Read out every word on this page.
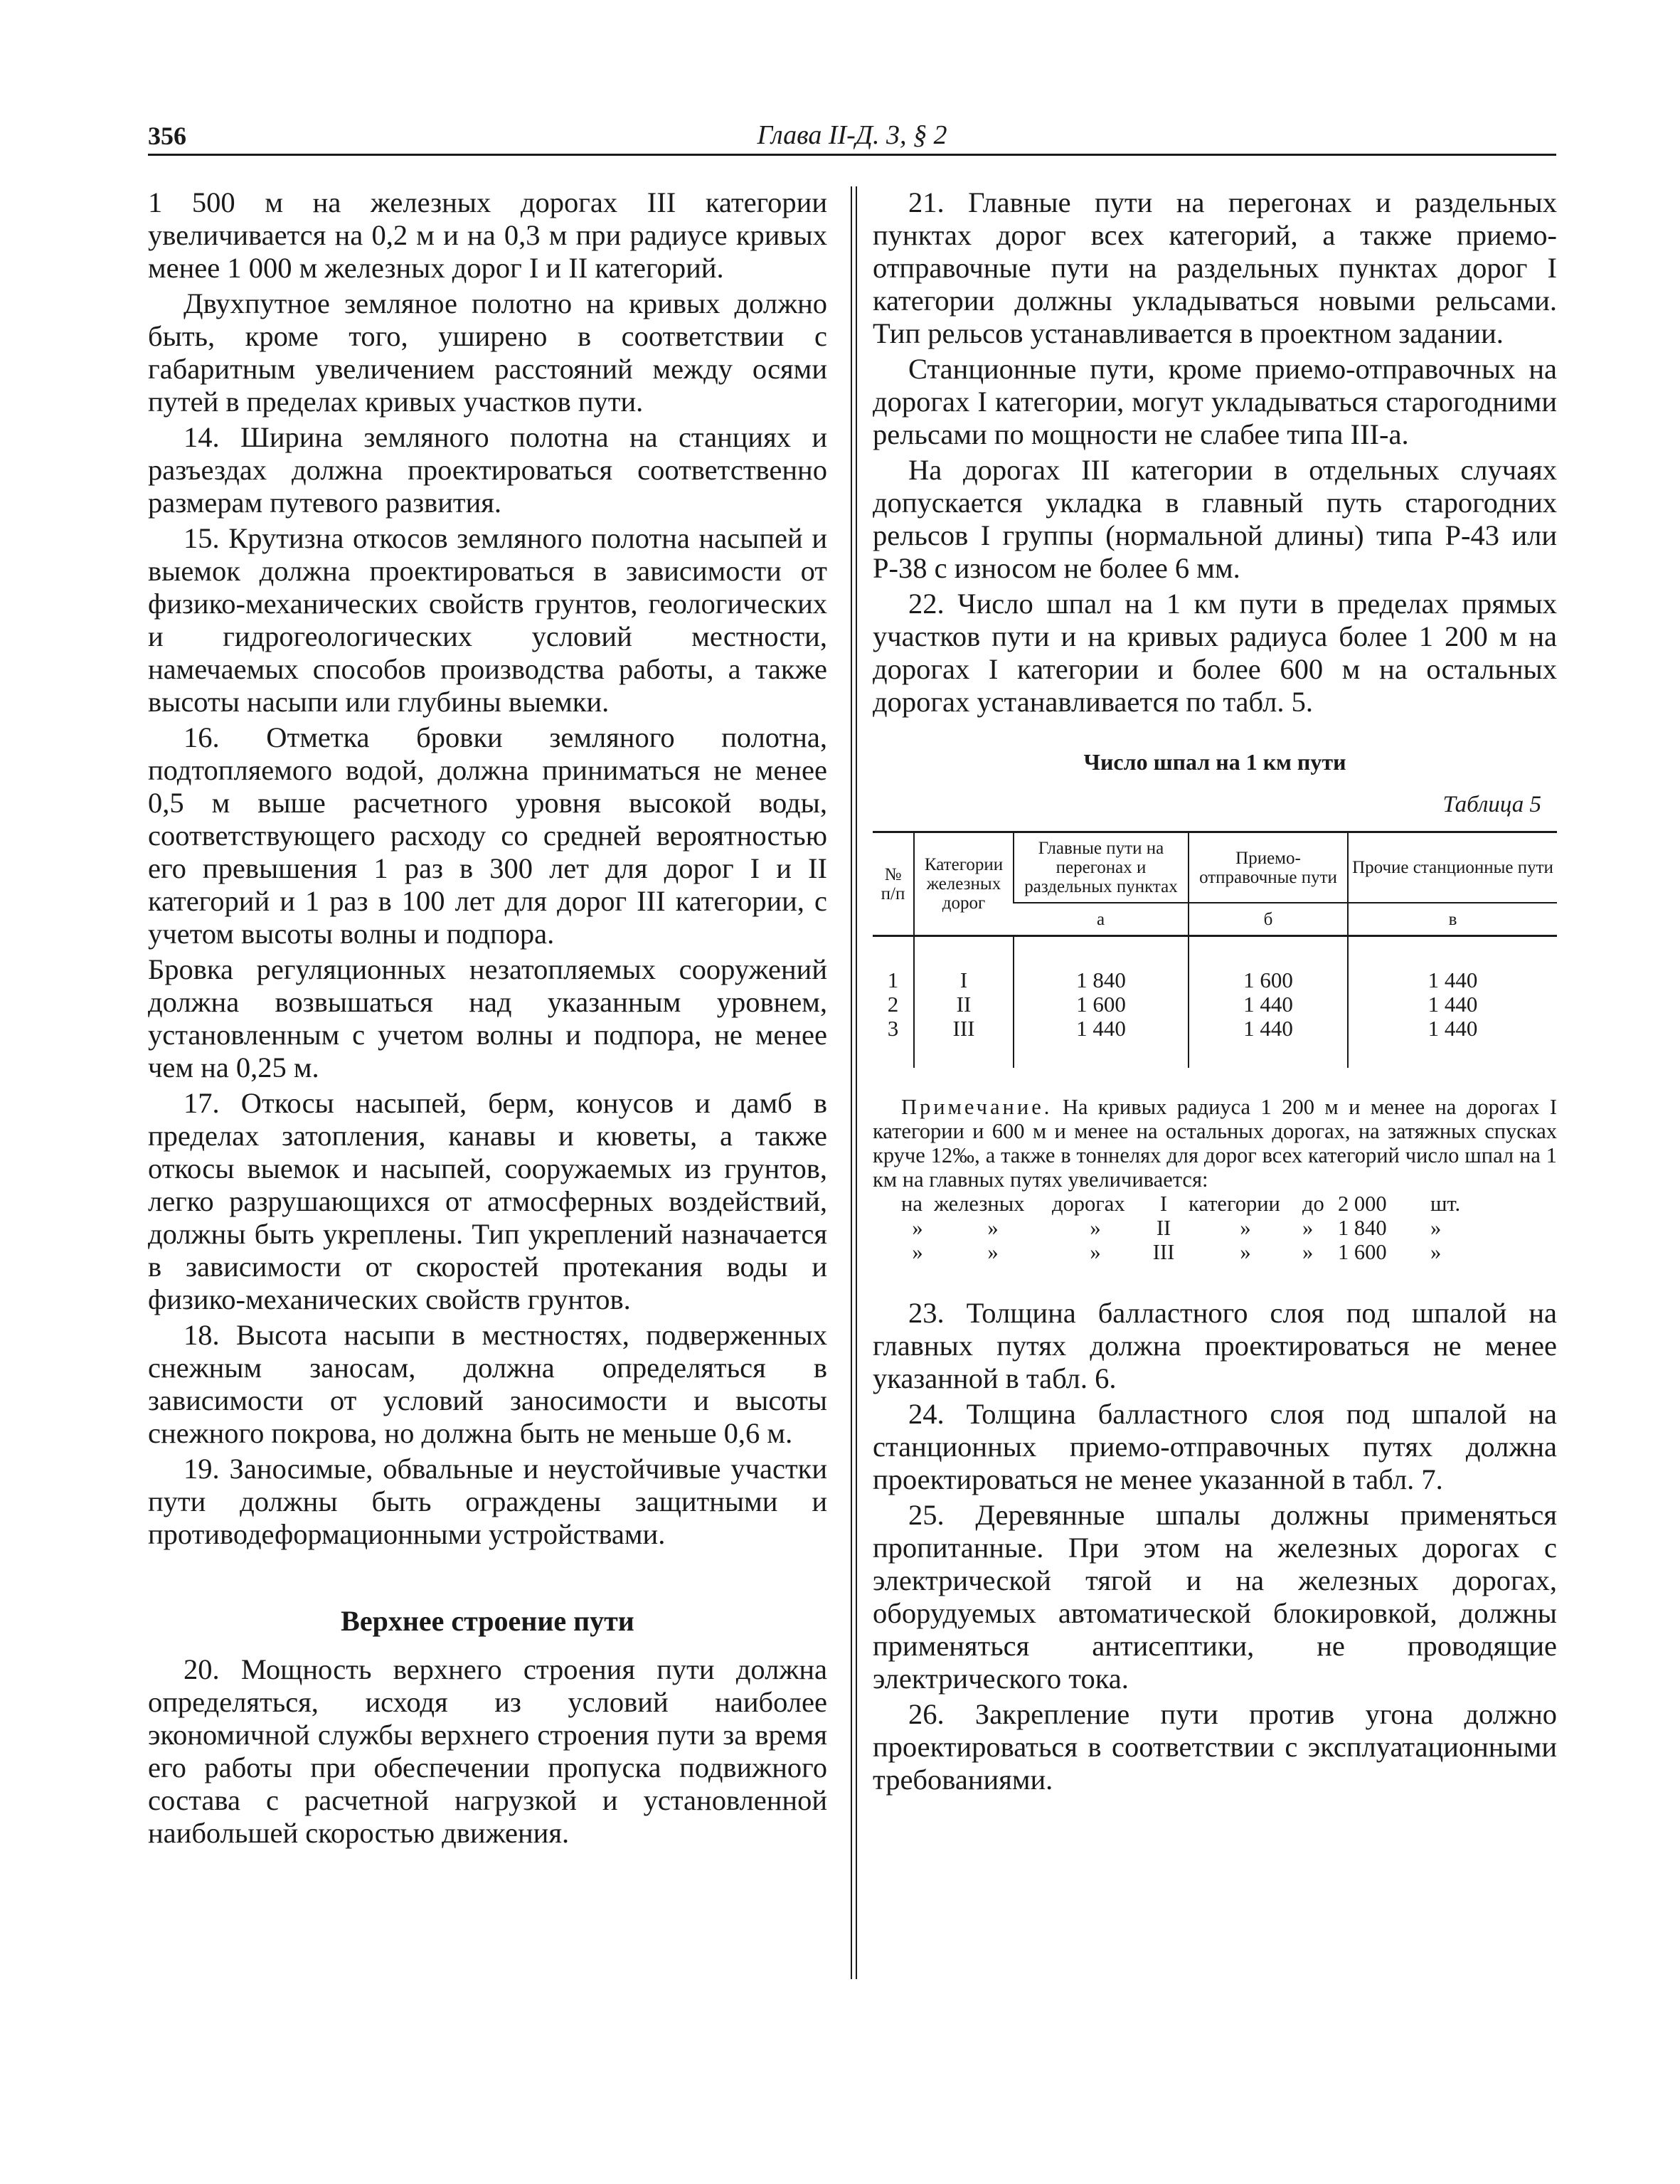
356	Глава II-Д. 3, § 2

1 500 м на железных дорогах III категории увеличивается на 0,2 м и на 0,3 м при радиусе кривых менее 1 000 м железных дорог I и II категорий.

Двухпутное земляное полотно на кривых должно быть, кроме того, уширено в соответствии с габаритным увеличением расстояний между осями путей в пределах кривых участков пути.

14. Ширина земляного полотна на станциях и разъездах должна проектироваться соответственно размерам путевого развития.

15. Крутизна откосов земляного полотна насыпей и выемок должна проектироваться в зависимости от физико-механических свойств грунтов, геологических и гидрогеологических условий местности, намечаемых способов производства работы, а также высоты насыпи или глубины выемки.

16. Отметка бровки земляного полотна, подтопляемого водой, должна приниматься не менее 0,5 м выше расчетного уровня высокой воды, соответствующего расходу со средней вероятностью его превышения 1 раз в 300 лет для дорог I и II категорий и 1 раз в 100 лет для дорог III категории, с учетом высоты волны и подпора.

Бровка регуляционных незатопляемых сооружений должна возвышаться над указанным уровнем, установленным с учетом волны и подпора, не менее чем на 0,25 м.

17. Откосы насыпей, берм, конусов и дамб в пределах затопления, канавы и кюветы, а также откосы выемок и насыпей, сооружаемых из грунтов, легко разрушающихся от атмосферных воздействий, должны быть укреплены. Тип укреплений назначается в зависимости от скоростей протекания воды и физико-механических свойств грунтов.

18. Высота насыпи в местностях, подверженных снежным заносам, должна определяться в зависимости от условий заносимости и высоты снежного покрова, но должна быть не меньше 0,6 м.

19. Заносимые, обвальные и неустойчивые участки пути должны быть ограждены защитными и противодеформационными устройствами.

Верхнее строение пути

20. Мощность верхнего строения пути должна определяться, исходя из условий наиболее экономичной службы верхнего строения пути за время его работы при обеспечении пропуска подвижного состава с расчетной нагрузкой и установленной наибольшей скоростью движения.

21. Главные пути на перегонах и раздельных пунктах дорог всех категорий, а также приемо-отправочные пути на раздельных пунктах дорог I категории должны укладываться новыми рельсами. Тип рельсов устанавливается в проектном задании.

Станционные пути, кроме приемо-отправочных на дорогах I категории, могут укладываться старогодними рельсами по мощности не слабее типа III-а.

На дорогах III категории в отдельных случаях допускается укладка в главный путь старогодних рельсов I группы (нормальной длины) типа Р-43 или Р-38 с износом не более 6 мм.

22. Число шпал на 1 км пути в пределах прямых участков пути и на кривых радиуса более 1 200 м на дорогах I категории и более 600 м на остальных дорогах устанавливается по табл. 5.

Число шпал на 1 км пути
Таблица 5
№ п/п	Категории железных дорог	Главные пути на перегонах и раздельных пунктах	Приемо-отправочные пути	Прочие станционные пути
		а	б	в
1	I	1 840	1 600	1 440
2	II	1 600	1 440	1 440
3	III	1 440	1 440	1 440
Примечание. На кривых радиуса 1 200 м и менее на дорогах I категории и 600 м и менее на остальных дорогах, на затяжных спусках круче 12‰, а также в тоннелях для дорог всех категорий число шпал на 1 км на главных путях увеличивается:
на железных	дорогах	I категории	до 2 000	шт.
»	»	»	II	»	»	1 840	»
»	»	»	III	»	»	1 600	»

23. Толщина балластного слоя под шпалой на главных путях должна проектироваться не менее указанной в табл. 6.

24. Толщина балластного слоя под шпалой на станционных приемо-отправочных путях должна проектироваться не менее указанной в табл. 7.

25. Деревянные шпалы должны применяться пропитанные. При этом на железных дорогах с электрической тягой и на железных дорогах, оборудуемых автоматической блокировкой, должны применяться антисептики, не проводящие электрического тока.

26. Закрепление пути против угона должно проектироваться в соответствии с эксплуатационными требованиями.
